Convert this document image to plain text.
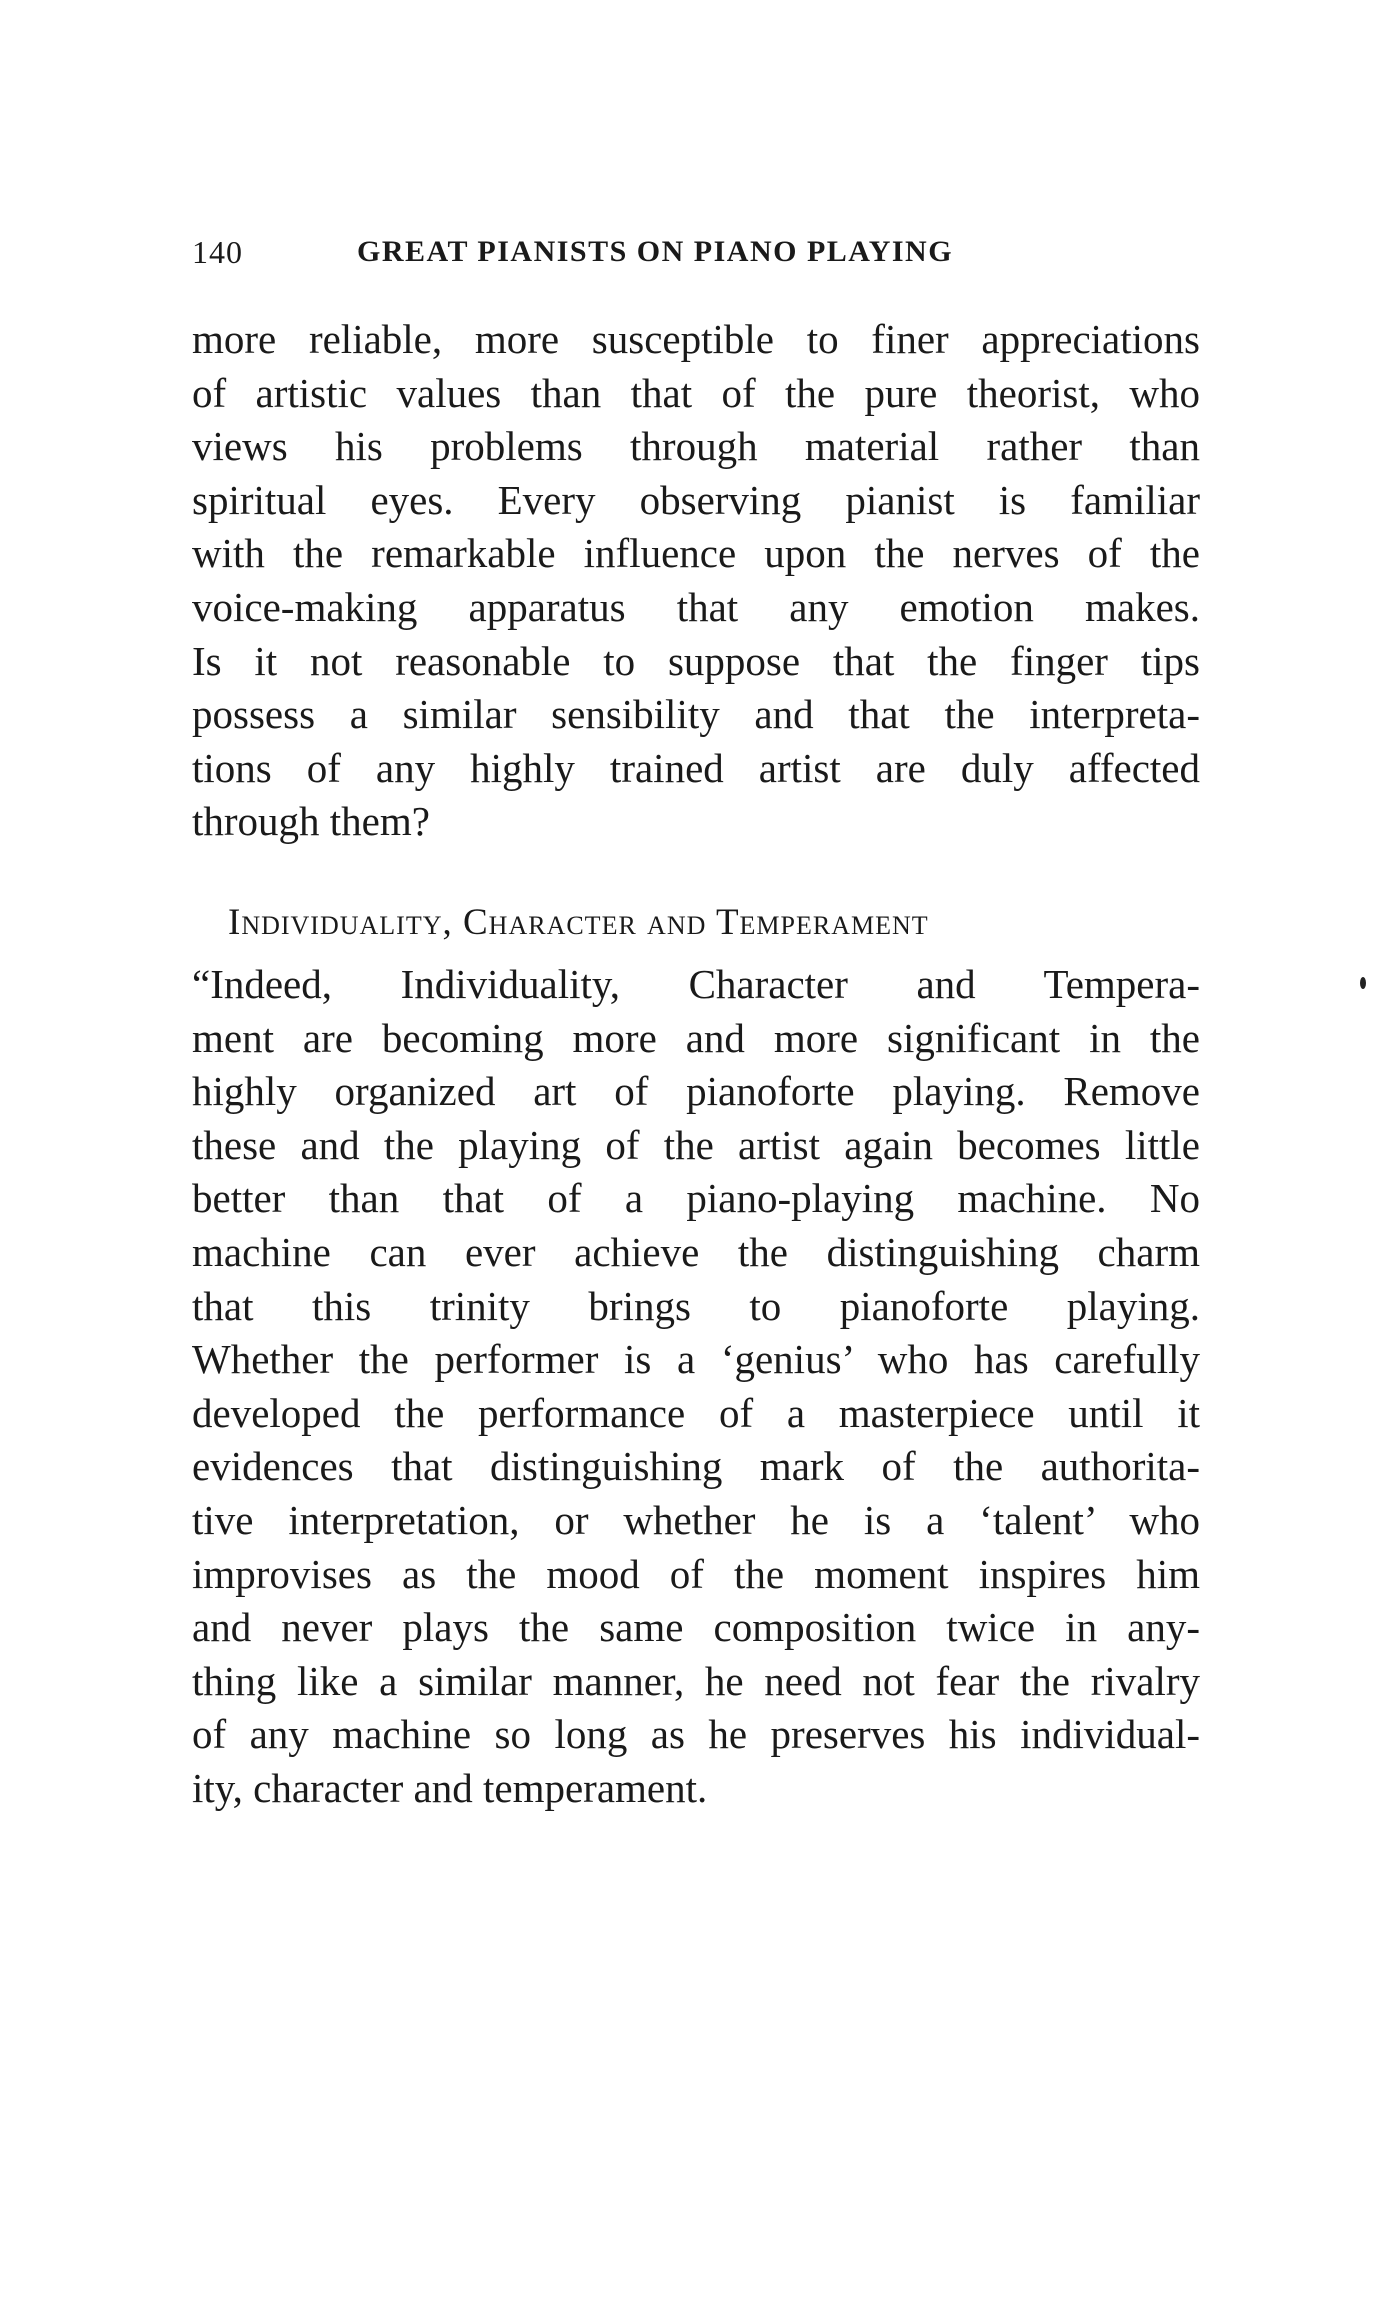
140	GREAT PIANISTS ON PIANO PLAYING
more reliable, more susceptible to finer appreciations
of artistic values than that of the pure theorist, who
views his problems through material rather than
spiritual eyes. Every observing pianist is familiar
with the remarkable influence upon the nerves of the
voice-making apparatus that any emotion makes.
Is it not reasonable to suppose that the finger tips
possess a similar sensibility and that the interpreta-
tions of any highly trained artist are duly affected
through them?
Individuality, Character and Temperament
“Indeed, Individuality, Character and Tempera-
ment are becoming more and more significant in the
highly organized art of pianoforte playing. Remove
these and the playing of the artist again becomes little
better than that of a piano-playing machine. No
machine can ever achieve the distinguishing charm
that this trinity brings to pianoforte playing.
Whether the performer is a ‘genius’ who has carefully
developed the performance of a masterpiece until it
evidences that distinguishing mark of the authorita-
tive interpretation, or whether he is a ‘talent’ who
improvises as the mood of the moment inspires him
and never plays the same composition twice in any-
thing like a similar manner, he need not fear the rivalry
of any machine so long as he preserves his individual-
ity, character and temperament.
